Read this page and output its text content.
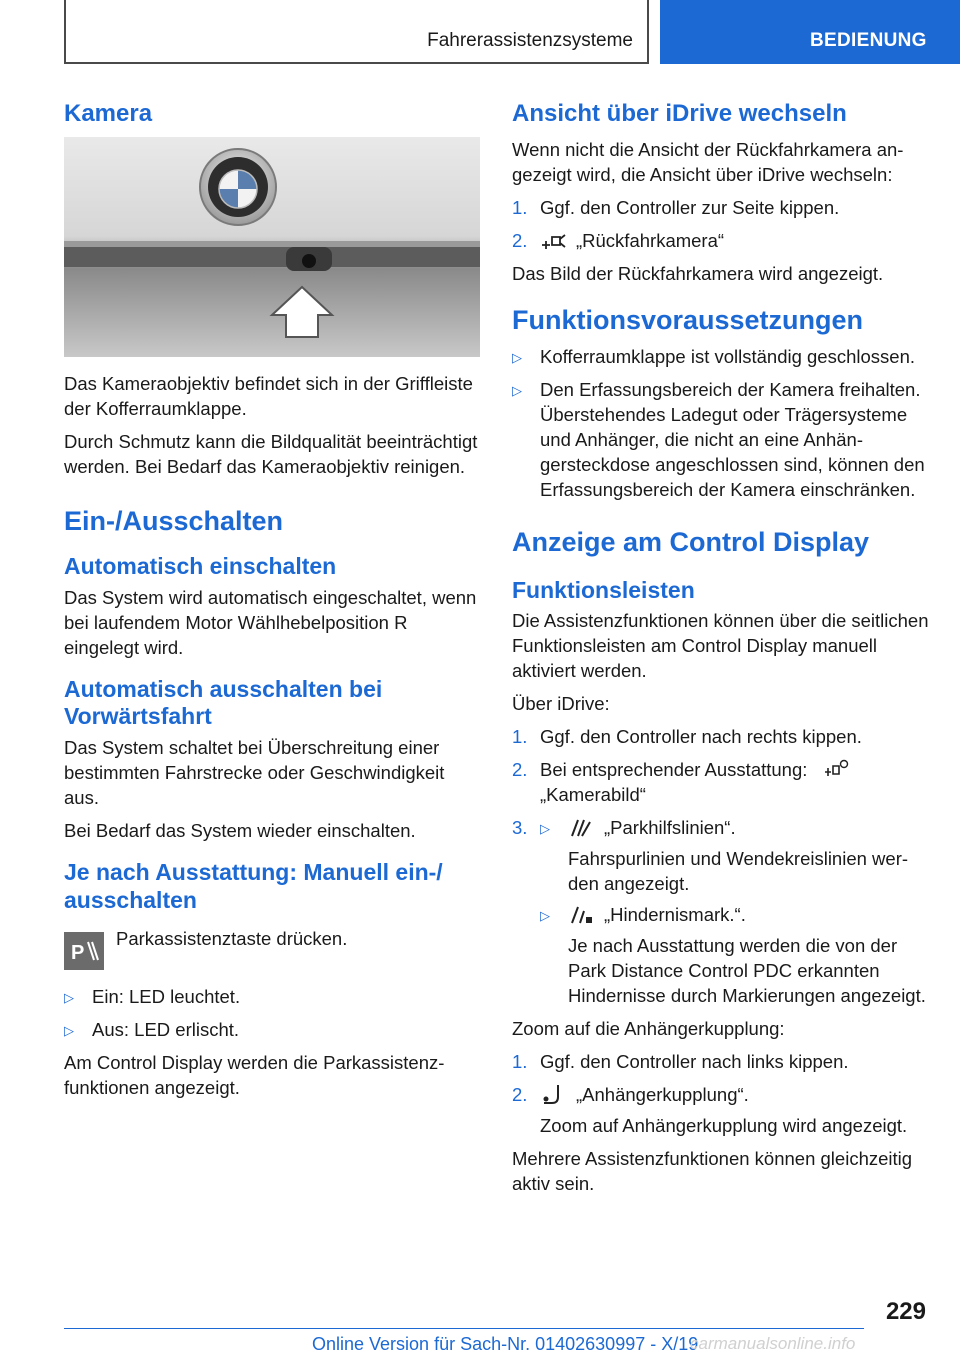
Fahrerassistenzsysteme	BEDIENUNG
Kamera

Das Kameraobjektiv befindet sich in der Griffleiste der Kofferraumklappe.

Durch Schmutz kann die Bildqualität beeinträchtigt werden. Bei Bedarf das Kameraobjektiv reinigen.

Ein-/Ausschalten
Automatisch einschalten

Das System wird automatisch eingeschaltet, wenn bei laufendem Motor Wählhebelposition R eingelegt wird.

Automatisch ausschalten bei Vorwärtsfahrt

Das System schaltet bei Überschreitung einer bestimmten Fahrstrecke oder Geschwindigkeit aus.

Bei Bedarf das System wieder einschalten.

Je nach Ausstattung: Manuell ein-/ ausschalten
P
Parkassistenztaste drücken.
▷ Ein: LED leuchtet.
▷ Aus: LED erlischt.

Am Control Display werden die Parkassistenzfunktionen angezeigt.

Ansicht über iDrive wechseln

Wenn nicht die Ansicht der Rückfahrkamera angezeigt wird, die Ansicht über iDrive wechseln:

1. Ggf. den Controller zur Seite kippen.
2.	„Rückfahrkamera“

Das Bild der Rückfahrkamera wird angezeigt.

Funktionsvoraussetzungen
▷ Kofferraumklappe ist vollständig geschlossen.
▷ Den Erfassungsbereich der Kamera freihalten. Überstehendes Ladegut oder Trägersysteme und Anhänger, die nicht an eine Anhängersteckdose angeschlossen sind, können den Erfassungsbereich der Kamera einschränken.
Anzeige am Control Display
Funktionsleisten

Die Assistenzfunktionen können über die seitlichen Funktionsleisten am Control Display manuell aktiviert werden.

Über iDrive:

1. Ggf. den Controller nach rechts kippen.
2. Bei entsprechender Ausstattung:
„Kamerabild“
3. ▷	„Parkhilfslinien“.
Fahrspurlinien und Wendekreislinien werden angezeigt.
▷	„Hindernismark.“.
Je nach Ausstattung werden die von der Park Distance Control PDC erkannten Hindernisse durch Markierungen angezeigt.

Zoom auf die Anhängerkupplung:

1. Ggf. den Controller nach links kippen.
2.	„Anhängerkupplung“.
Zoom auf Anhängerkupplung wird angezeigt.

Mehrere Assistenzfunktionen können gleichzeitig aktiv sein.

229
Online Version für Sach-Nr. 01402630997 - X/19
carmanualsonline.info
